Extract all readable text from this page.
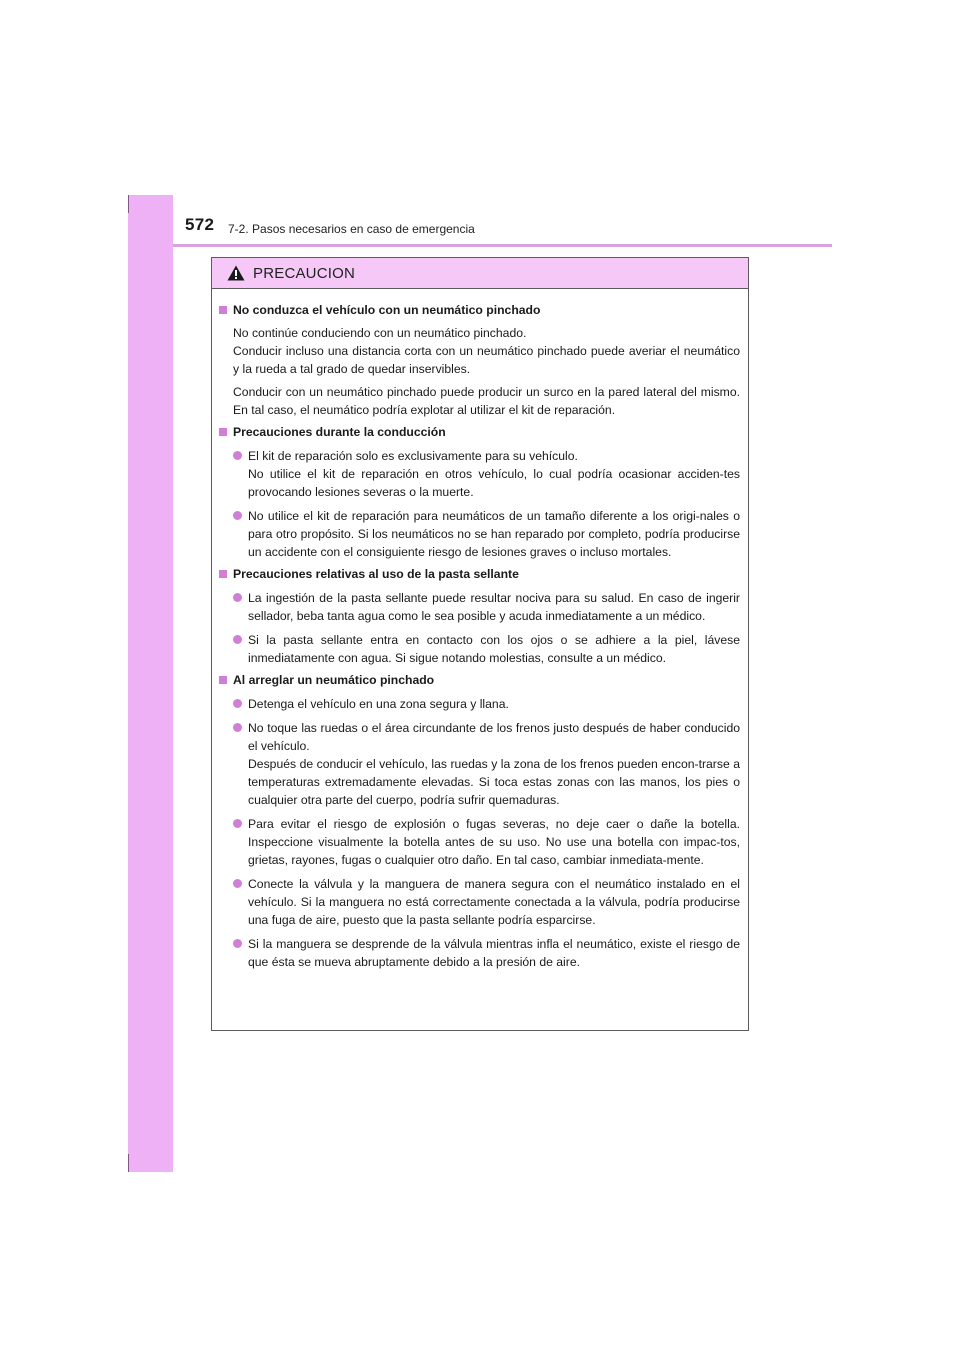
572 7-2. Pasos necesarios en caso de emergencia
PRECAUCION
No conduzca el vehículo con un neumático pinchado
No continúe conduciendo con un neumático pinchado.
Conducir incluso una distancia corta con un neumático pinchado puede averiar el neumático y la rueda a tal grado de quedar inservibles.
Conducir con un neumático pinchado puede producir un surco en la pared lateral del mismo. En tal caso, el neumático podría explotar al utilizar el kit de reparación.
Precauciones durante la conducción
El kit de reparación solo es exclusivamente para su vehículo.
No utilice el kit de reparación en otros vehículo, lo cual podría ocasionar acciden-tes provocando lesiones severas o la muerte.
No utilice el kit de reparación para neumáticos de un tamaño diferente a los origi-nales o para otro propósito. Si los neumáticos no se han reparado por completo, podría producirse un accidente con el consiguiente riesgo de lesiones graves o incluso mortales.
Precauciones relativas al uso de la pasta sellante
La ingestión de la pasta sellante puede resultar nociva para su salud. En caso de ingerir sellador, beba tanta agua como le sea posible y acuda inmediatamente a un médico.
Si la pasta sellante entra en contacto con los ojos o se adhiere a la piel, lávese inmediatamente con agua. Si sigue notando molestias, consulte a un médico.
Al arreglar un neumático pinchado
Detenga el vehículo en una zona segura y llana.
No toque las ruedas o el área circundante de los frenos justo después de haber conducido el vehículo.
Después de conducir el vehículo, las ruedas y la zona de los frenos pueden encon-trarse a temperaturas extremadamente elevadas. Si toca estas zonas con las manos, los pies o cualquier otra parte del cuerpo, podría sufrir quemaduras.
Para evitar el riesgo de explosión o fugas severas, no deje caer o dañe la botella. Inspeccione visualmente la botella antes de su uso. No use una botella con impac-tos, grietas, rayones, fugas o cualquier otro daño. En tal caso, cambiar inmediata-mente.
Conecte la válvula y la manguera de manera segura con el neumático instalado en el vehículo. Si la manguera no está correctamente conectada a la válvula, podría producirse una fuga de aire, puesto que la pasta sellante podría esparcirse.
Si la manguera se desprende de la válvula mientras infla el neumático, existe el riesgo de que ésta se mueva abruptamente debido a la presión de aire.
